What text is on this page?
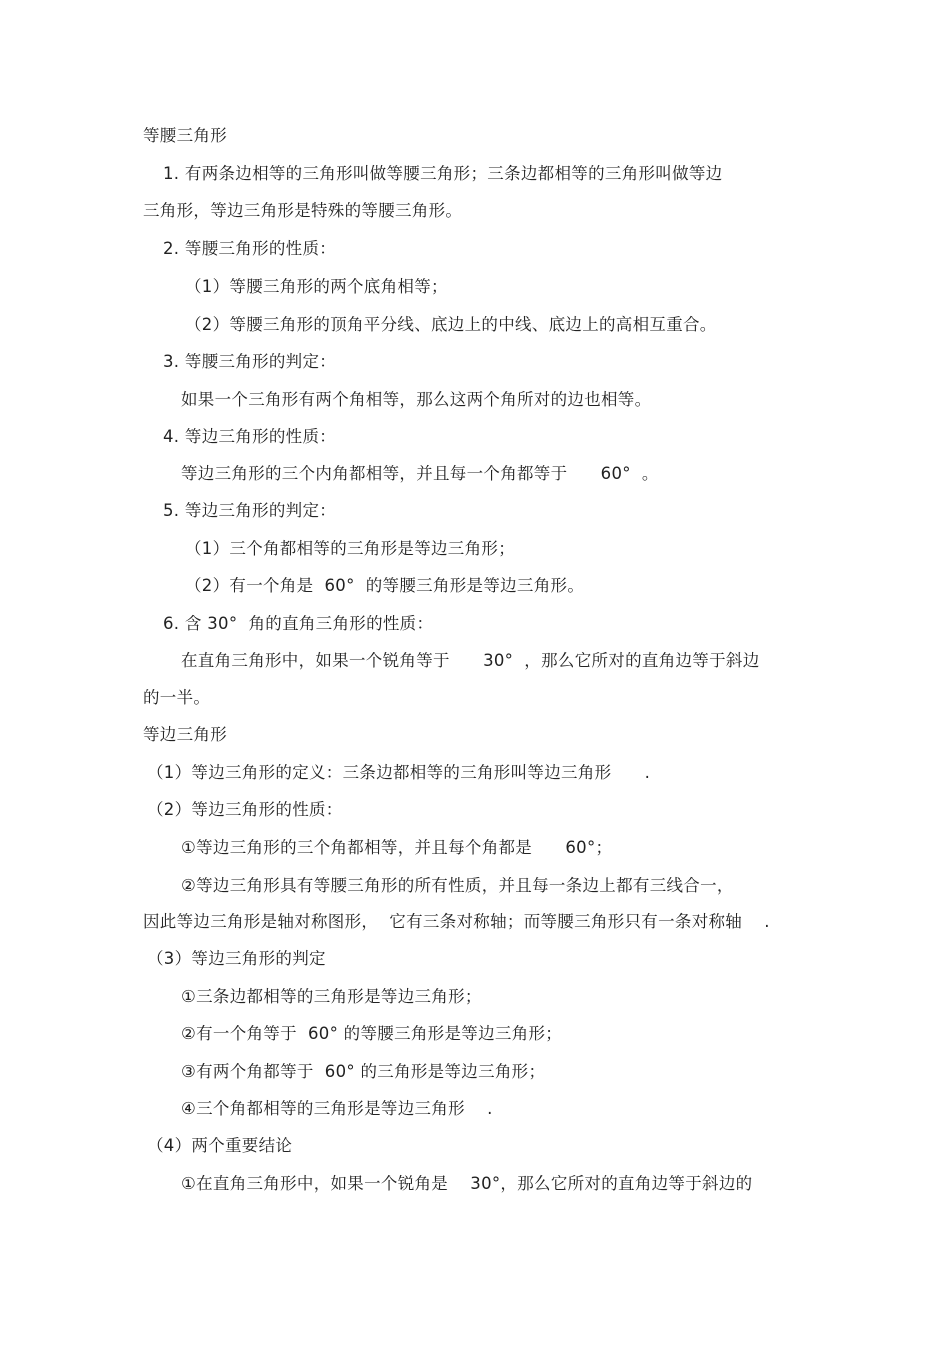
等腰三角形
1. 有两条边相等的三角形叫做等腰三角形；三条边都相等的三角形叫做等边
三角形，等边三角形是特殊的等腰三角形。
2. 等腰三角形的性质：
（1）等腰三角形的两个底角相等；
（2）等腰三角形的顶角平分线、底边上的中线、底边上的高相互重合。
3. 等腰三角形的判定：
如果一个三角形有两个角相等，那么这两个角所对的边也相等。
4. 等边三角形的性质：
等边三角形的三个内角都相等，并且每一个角都等于      60°  。
5. 等边三角形的判定：
（1）三个角都相等的三角形是等边三角形；
（2）有一个角是  60°  的等腰三角形是等边三角形。
6. 含 30°  角的直角三角形的性质：
在直角三角形中，如果一个锐角等于      30°  ，那么它所对的直角边等于斜边
的一半。
等边三角形
（1）等边三角形的定义：三条边都相等的三角形叫等边三角形      .
（2）等边三角形的性质：
①等边三角形的三个角都相等，并且每个角都是      60°；
②等边三角形具有等腰三角形的所有性质，并且每一条边上都有三线合一，
因此等边三角形是轴对称图形，  它有三条对称轴；而等腰三角形只有一条对称轴    .
（3）等边三角形的判定
①三条边都相等的三角形是等边三角形；
②有一个角等于  60° 的等腰三角形是等边三角形；
③有两个角都等于  60° 的三角形是等边三角形；
④三个角都相等的三角形是等边三角形    .
（4）两个重要结论
①在直角三角形中，如果一个锐角是    30°，那么它所对的直角边等于斜边的
